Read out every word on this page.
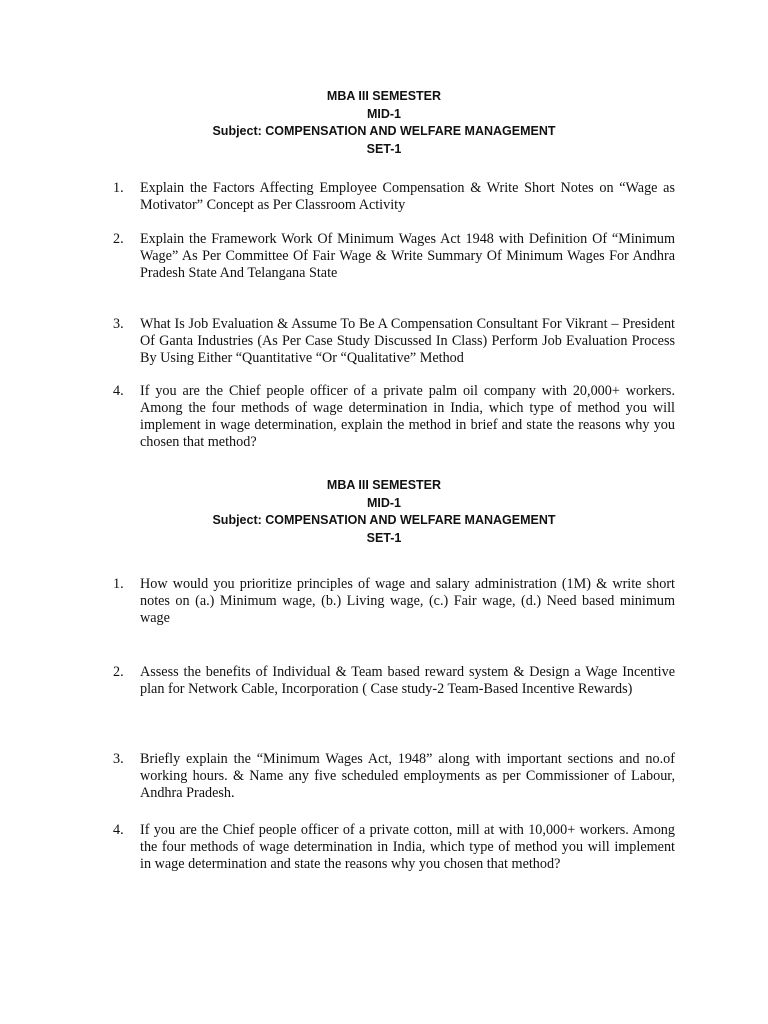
MBA III SEMESTER
MID-1
Subject: COMPENSATION AND WELFARE MANAGEMENT
SET-1
1. Explain the Factors Affecting Employee Compensation & Write Short Notes on “Wage as Motivator” Concept as Per Classroom Activity
2. Explain the Framework Work Of Minimum Wages Act 1948 with Definition Of “Minimum Wage” As Per Committee Of Fair Wage & Write Summary Of Minimum Wages For Andhra Pradesh State And Telangana State
3. What Is Job Evaluation & Assume To Be A Compensation Consultant For Vikrant – President Of Ganta Industries (As Per Case Study Discussed In Class) Perform Job Evaluation Process By Using Either “Quantitative “Or “Qualitative” Method
4. If you are the Chief people officer of a private palm oil company with 20,000+ workers. Among the four methods of wage determination in India, which type of method you will implement in wage determination, explain the method in brief and state the reasons why you chosen that method?
MBA III SEMESTER
MID-1
Subject: COMPENSATION AND WELFARE MANAGEMENT
SET-1
1. How would you prioritize principles of wage and salary administration (1M) & write short notes on (a.) Minimum wage, (b.) Living wage, (c.) Fair wage, (d.) Need based minimum wage
2. Assess the benefits of Individual & Team based reward system & Design a Wage Incentive plan for Network Cable, Incorporation ( Case study-2 Team-Based Incentive Rewards)
3. Briefly explain the “Minimum Wages Act, 1948” along with important sections and no.of working hours. & Name any five scheduled employments as per Commissioner of Labour, Andhra Pradesh.
4. If you are the Chief people officer of a private cotton, mill at with 10,000+ workers. Among the four methods of wage determination in India, which type of method you will implement in wage determination and state the reasons why you chosen that method?
